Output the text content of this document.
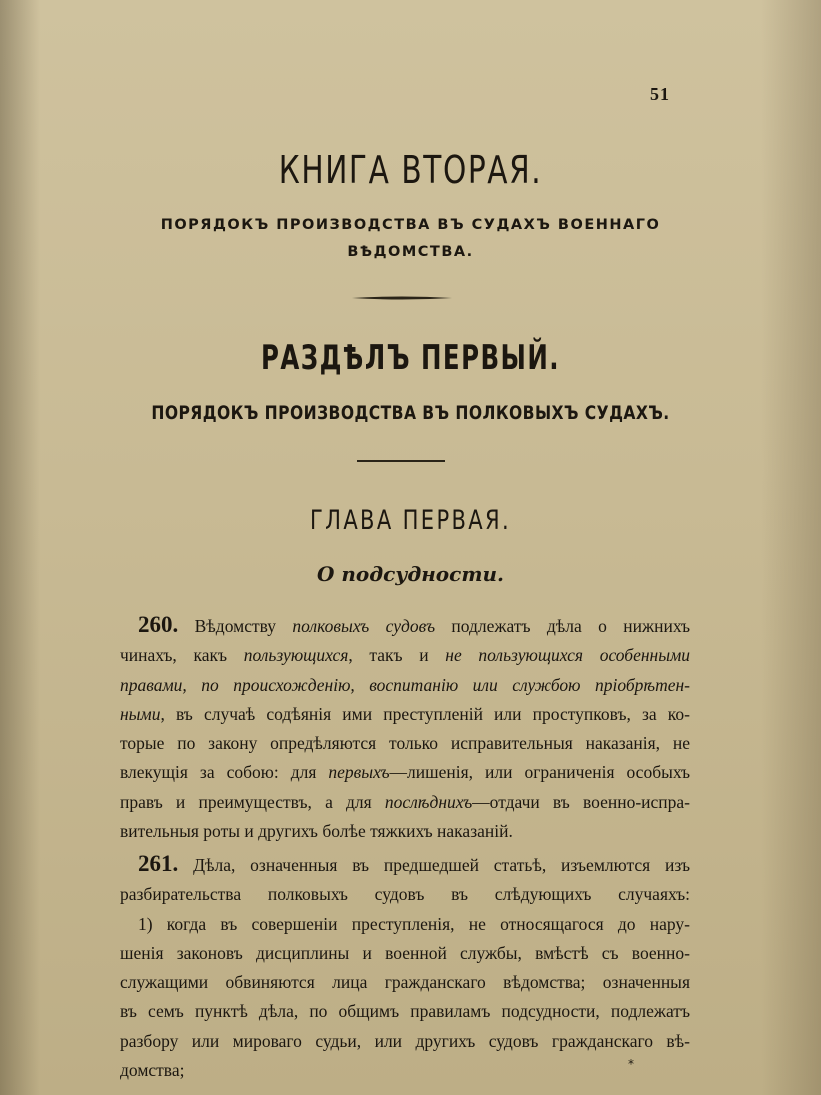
51
КНИГА ВТОРАЯ.
ПОРЯДОКЪ ПРОИЗВОДСТВА ВЪ СУДАХЪ ВОЕННАГО
ВѢДОМСТВА.
РАЗДѢЛЪ ПЕРВЫЙ.
ПОРЯДОКЪ ПРОИЗВОДСТВА ВЪ ПОЛКОВЫХЪ СУДАХЪ.
ГЛАВА ПЕРВАЯ.
О подсудности.
260. Вѣдомству полковыхъ судовъ подлежатъ дѣла о нижнихъ
чинахъ, какъ пользующихся, такъ и не пользующихся особенными
правами, по происхожденію, воспитанію или службою пріобрѣтен-
ными, въ случаѣ содѣянія ими преступленій или проступковъ, за ко-
торые по закону опредѣляются только исправительныя наказанія, не
влекущія за собою: для первыхъ—лишенія, или ограниченія особыхъ
правъ и преимуществъ, а для послѣднихъ—отдачи въ военно-испра-
вительныя роты и другихъ болѣе тяжкихъ наказаній.
261. Дѣла, означенныя въ предшедшей статьѣ, изъемлются изъ
разбирательства полковыхъ судовъ въ слѣдующихъ случаяхъ:
1) когда въ совершеніи преступленія, не относящагося до нару-
шенія законовъ дисциплины и военной службы, вмѣстѣ съ военно-
служащими обвиняются лица гражданскаго вѣдомства; означенныя
въ семъ пунктѣ дѣла, по общимъ правиламъ подсудности, подлежатъ
разбору или мироваго судьи, или другихъ судовъ гражданскаго вѣ-
домства;	*
